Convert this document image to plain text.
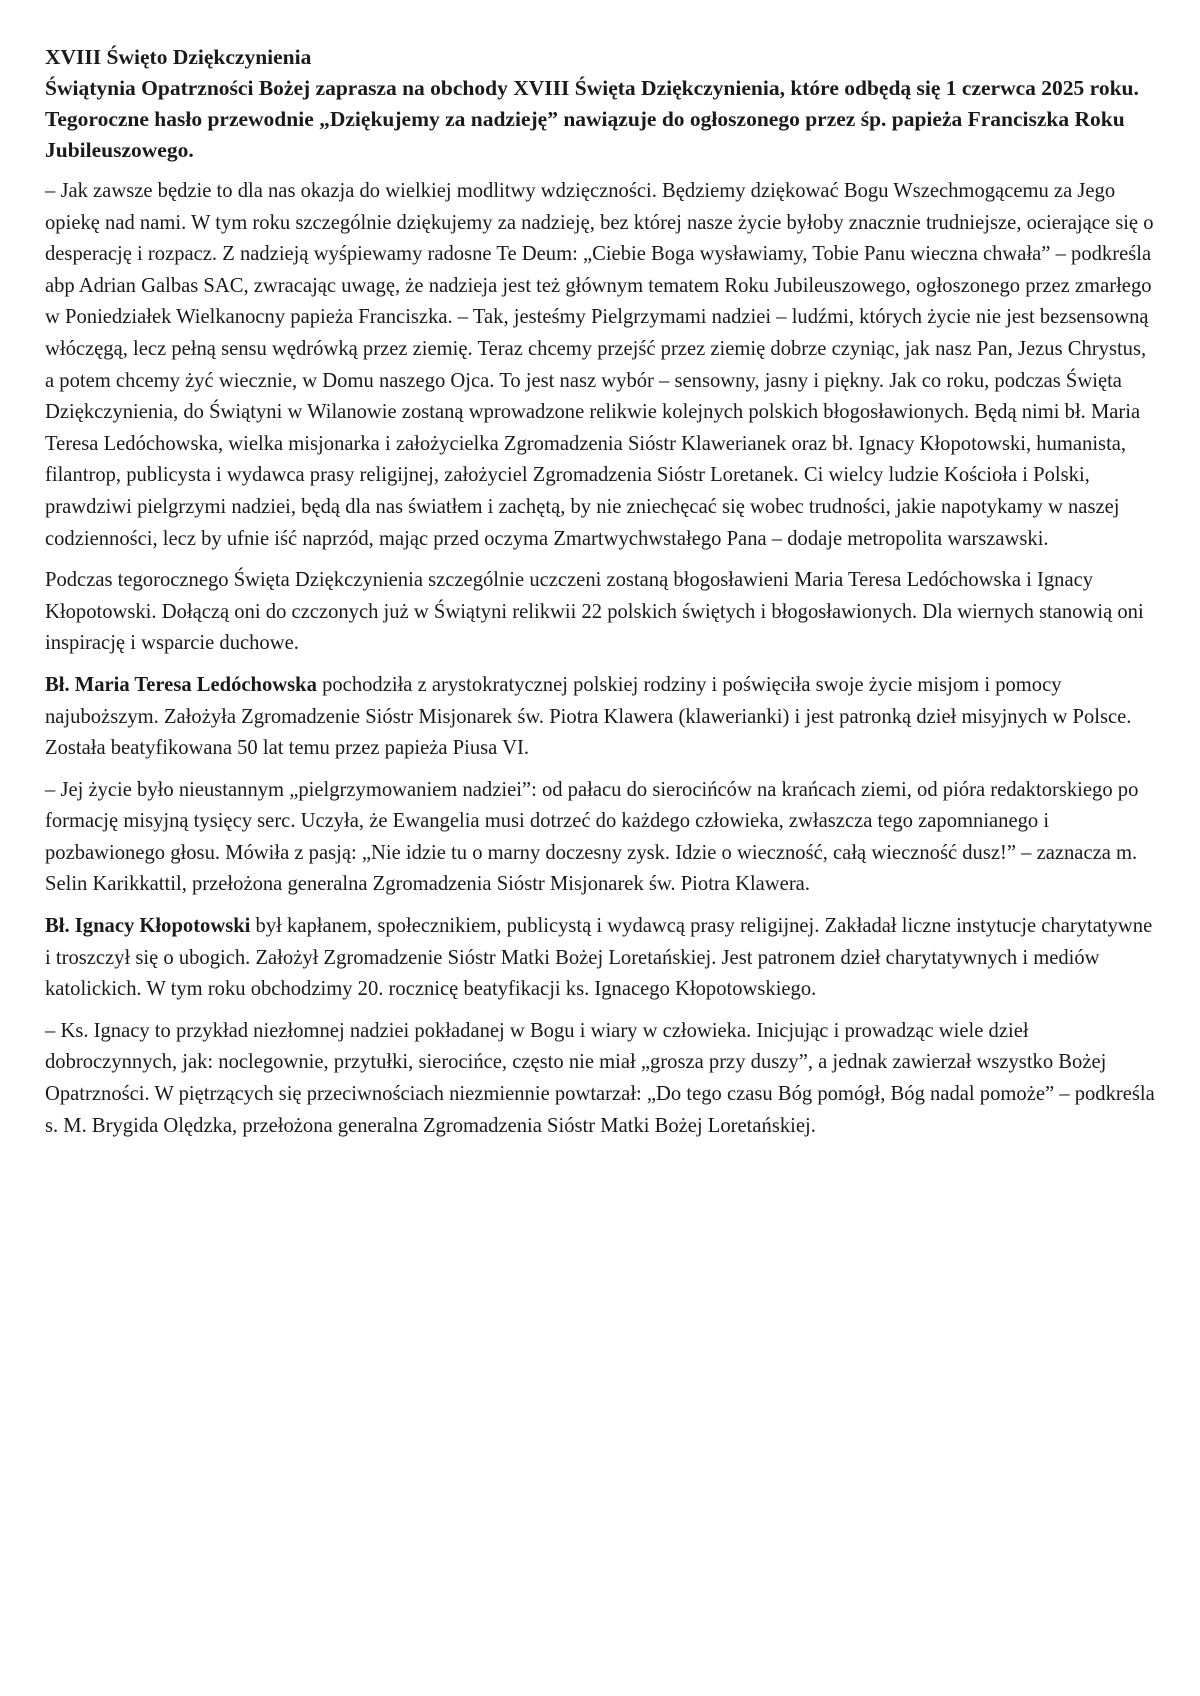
XVIII Święto Dziękczynienia
Świątynia Opatrzności Bożej zaprasza na obchody XVIII Święta Dziękczynienia, które odbędą się 1 czerwca 2025 roku. Tegoroczne hasło przewodnie „Dziękujemy za nadzieję” nawiązuje do ogłoszonego przez śp. papieża Franciszka Roku Jubileuszowego.

– Jak zawsze będzie to dla nas okazja do wielkiej modlitwy wdzięczności. Będziemy dziękować Bogu Wszechmogącemu za Jego opiekę nad nami. W tym roku szczególnie dziękujemy za nadzieję, bez której nasze życie byłoby znacznie trudniejsze, ocierające się o desperację i rozpacz. Z nadzieją wyśpiewamy radosne Te Deum: „Ciebie Boga wysławiamy, Tobie Panu wieczna chwała” – podkreśla abp Adrian Galbas SAC, zwracając uwagę, że nadzieja jest też głównym tematem Roku Jubileuszowego, ogłoszonego przez zmarłego w Poniedziałek Wielkanocny papieża Franciszka. – Tak, jesteśmy Pielgrzymami nadziei – ludźmi, których życie nie jest bezsensowną włóczęgą, lecz pełną sensu wędrówką przez ziemię. Teraz chcemy przejść przez ziemię dobrze czyniąc, jak nasz Pan, Jezus Chrystus, a potem chcemy żyć wiecznie, w Domu naszego Ojca. To jest nasz wybór – sensowny, jasny i piękny. Jak co roku, podczas Święta Dziękczynienia, do Świątyni w Wilanowie zostaną wprowadzone relikwie kolejnych polskich błogosławionych. Będą nimi bł. Maria Teresa Ledóchowska, wielka misjonarka i założycielka Zgromadzenia Sióstr Klawerianek oraz bł. Ignacy Kłopotowski, humanista, filantrop, publicysta i wydawca prasy religijnej, założyciel Zgromadzenia Sióstr Loretanek. Ci wielcy ludzie Kościoła i Polski, prawdziwi pielgrzymi nadziei, będą dla nas światłem i zachętą, by nie zniechęcać się wobec trudności, jakie napotykamy w naszej codzienności, lecz by ufnie iść naprzód, mając przed oczyma Zmartwychwstałego Pana – dodaje metropolita warszawski.

Podczas tegorocznego Święta Dziękczynienia szczególnie uczczeni zostaną błogosławieni Maria Teresa Ledóchowska i Ignacy Kłopotowski. Dołączą oni do czczonych już w Świątyni relikwii 22 polskich świętych i błogosławionych. Dla wiernych stanowią oni inspirację i wsparcie duchowe.

Bł. Maria Teresa Ledóchowska pochodziła z arystokratycznej polskiej rodziny i poświęciła swoje życie misjom i pomocy najuboższym. Założyła Zgromadzenie Sióstr Misjonarek św. Piotra Klawera (klawerianki) i jest patronką dzieł misyjnych w Polsce. Została beatyfikowana 50 lat temu przez papieża Piusa VI.

– Jej życie było nieustannym „pielgrzymowaniem nadziei”: od pałacu do sierocińców na krańcach ziemi, od pióra redaktorskiego po formację misyjną tysięcy serc. Uczyła, że Ewangelia musi dotrzeć do każdego człowieka, zwłaszcza tego zapomnianego i pozbawionego głosu. Mówiła z pasją: „Nie idzie tu o marny doczesny zysk. Idzie o wieczność, całą wieczność dusz!” – zaznacza m. Selin Karikkattil, przełożona generalna Zgromadzenia Sióstr Misjonarek św. Piotra Klawera.

Bł. Ignacy Kłopotowski był kapłanem, społecznikiem, publicystą i wydawcą prasy religijnej. Zakładał liczne instytucje charytatywne i troszczył się o ubogich. Założył Zgromadzenie Sióstr Matki Bożej Loretańskiej. Jest patronem dzieł charytatywnych i mediów katolickich. W tym roku obchodzimy 20. rocznicę beatyfikacji ks. Ignacego Kłopotowskiego.

– Ks. Ignacy to przykład niezłomnej nadziei pokładanej w Bogu i wiary w człowieka. Inicjując i prowadząc wiele dzieł dobroczynnych, jak: noclegownie, przytułki, sierocińce, często nie miał „grosza przy duszy”, a jednak zawierzał wszystko Bożej Opatrzności. W piętrzących się przeciwnościach niezmiennie powtarzał: „Do tego czasu Bóg pomógł, Bóg nadal pomoże” – podkreśla s. M. Brygida Olędzka, przełożona generalna Zgromadzenia Sióstr Matki Bożej Loretańskiej.
